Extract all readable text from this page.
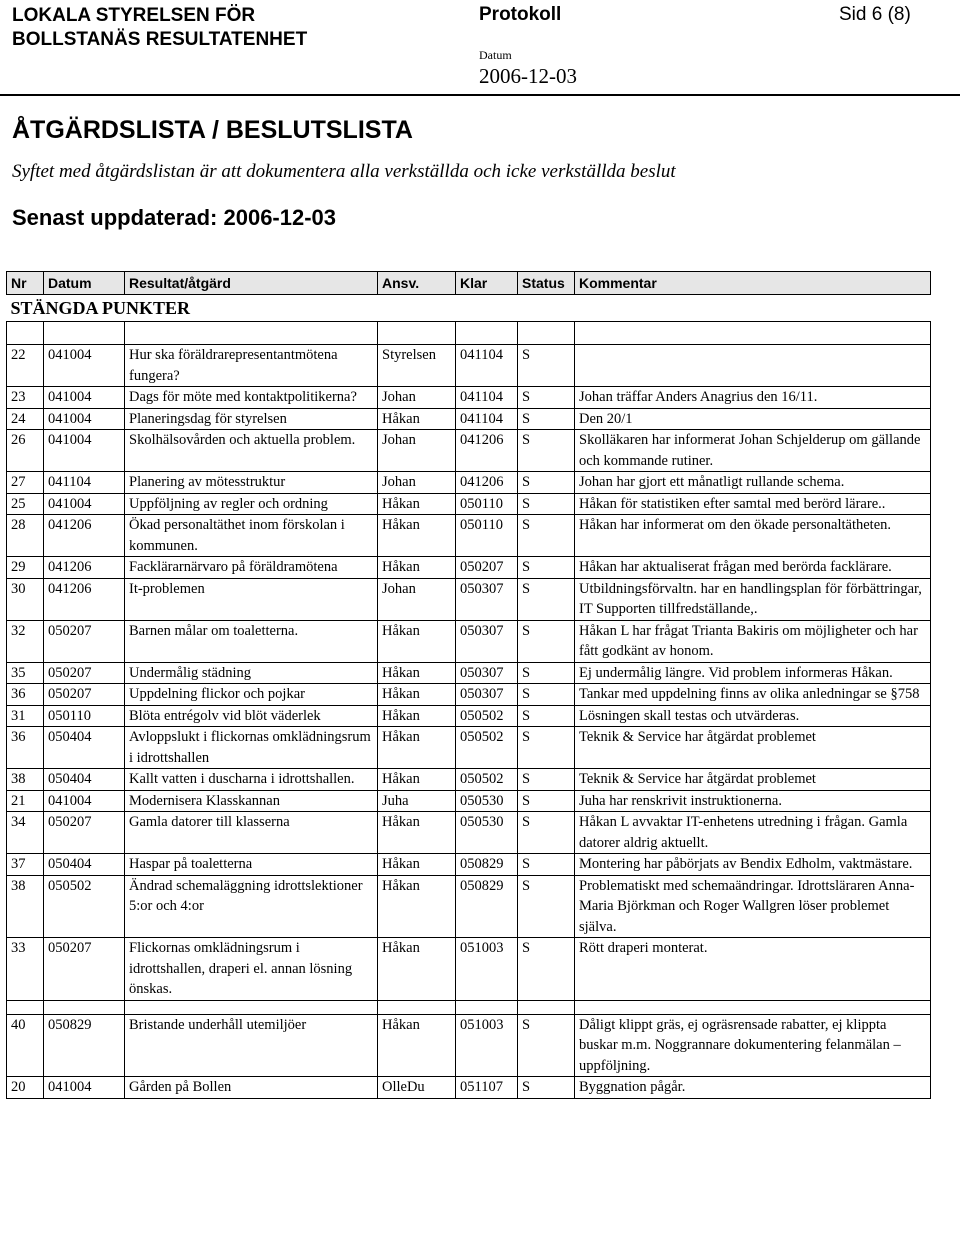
LOKALA STYRELSEN FÖR
BOLLSTANÄS RESULTATENHET
Protokoll	Sid 6 (8)
Datum
2006-12-03
ÅTGÄRDSLISTA / BESLUTSLISTA
Syftet med åtgärdslistan är att dokumentera alla verkställda och icke verkställda beslut
Senast uppdaterad: 2006-12-03
Nr	Datum	Resultat/åtgärd	Ansv.	Klar	Status	Kommentar
STÄNGDA PUNKTER						

22	041004	Hur ska föräldrarepresentantmötena fungera?	Styrelsen	041104	S	
23	041004	Dags för möte med kontaktpolitikerna?	Johan	041104	S	Johan träffar Anders Anagrius den 16/11.
24	041004	Planeringsdag för styrelsen	Håkan	041104	S	Den 20/1
26	041004	Skolhälsovården och aktuella problem.	Johan	041206	S	Skolläkaren har informerat Johan Schjelderup om gällande och kommande rutiner.
27	041104	Planering av mötesstruktur	Johan	041206	S	Johan har gjort ett månatligt rullande schema.
25	041004	Uppföljning av regler och ordning	Håkan	050110	S	Håkan för statistiken efter samtal med berörd lärare..
28	041206	Ökad personaltäthet inom förskolan i kommunen.	Håkan	050110	S	Håkan har informerat om den ökade personaltätheten.
29	041206	Facklärarnärvaro på föräldramötena	Håkan	050207	S	Håkan har aktualiserat frågan med berörda facklärare.
30	041206	It-problemen	Johan	050307	S	Utbildningsförvaltn. har en handlingsplan för förbättringar, IT Supporten tillfredställande,.
32	050207	Barnen målar om toaletterna.	Håkan	050307	S	Håkan L har frågat Trianta Bakiris om möjligheter och har fått godkänt av honom.
35	050207	Undermålig städning	Håkan	050307	S	Ej undermålig längre. Vid problem informeras Håkan.
36	050207	Uppdelning flickor och pojkar	Håkan	050307	S	Tankar med uppdelning finns av olika anledningar se §758
31	050110	Blöta entrégolv vid blöt väderlek	Håkan	050502	S	Lösningen skall testas och utvärderas.
36	050404	Avloppslukt i flickornas omklädningsrum i idrottshallen	Håkan	050502	S	Teknik & Service har åtgärdat problemet
38	050404	Kallt vatten i duscharna i idrottshallen.	Håkan	050502	S	Teknik & Service har åtgärdat problemet
21	041004	Modernisera Klasskannan	Juha	050530	S	Juha har renskrivit instruktionerna.
34	050207	Gamla datorer till klasserna	Håkan	050530	S	Håkan L avvaktar IT-enhetens utredning i frågan. Gamla datorer aldrig aktuellt.
37	050404	Haspar på toaletterna	Håkan	050829	S	Montering har påbörjats av Bendix Edholm, vaktmästare.
38	050502	Ändrad schemaläggning idrottslektioner 5:or och 4:or	Håkan	050829	S	Problematiskt med schemaändringar. Idrottsläraren Anna-Maria Björkman och Roger Wallgren löser problemet själva.
33	050207	Flickornas omklädningsrum i idrottshallen, draperi el. annan lösning önskas.	Håkan	051003	S	Rött draperi monterat.

40	050829	Bristande underhåll utemiljöer	Håkan	051003	S	Dåligt klippt gräs, ej ogräsrensade rabatter, ej klippta buskar m.m. Noggrannare dokumentering felanmälan – uppföljning.
20	041004	Gården på Bollen	OlleDu	051107	S	Byggnation pågår.
